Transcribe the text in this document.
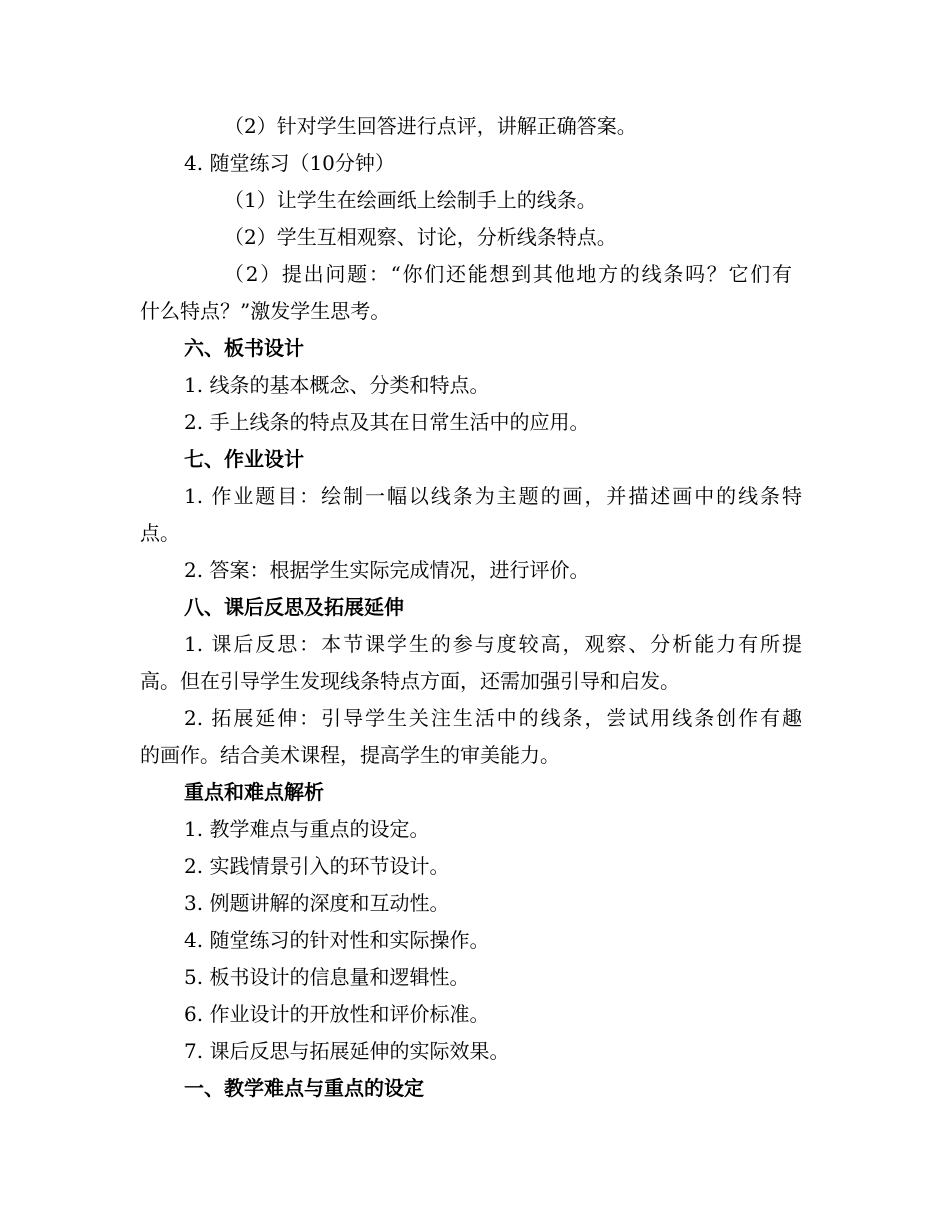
（2）针对学生回答进行点评，讲解正确答案。
4. 随堂练习（10分钟）
（1）让学生在绘画纸上绘制手上的线条。
（2）学生互相观察、讨论，分析线条特点。
（2）提出问题：“你们还能想到其他地方的线条吗？它们有
什么特点？”激发学生思考。
六、板书设计
1. 线条的基本概念、分类和特点。
2. 手上线条的特点及其在日常生活中的应用。
七、作业设计
1. 作业题目：绘制一幅以线条为主题的画，并描述画中的线条特
点。
2. 答案：根据学生实际完成情况，进行评价。
八、课后反思及拓展延伸
1. 课后反思：本节课学生的参与度较高，观察、分析能力有所提
高。但在引导学生发现线条特点方面，还需加强引导和启发。
2. 拓展延伸：引导学生关注生活中的线条，尝试用线条创作有趣
的画作。结合美术课程，提高学生的审美能力。
重点和难点解析
1. 教学难点与重点的设定。
2. 实践情景引入的环节设计。
3. 例题讲解的深度和互动性。
4. 随堂练习的针对性和实际操作。
5. 板书设计的信息量和逻辑性。
6. 作业设计的开放性和评价标准。
7. 课后反思与拓展延伸的实际效果。
一、教学难点与重点的设定
